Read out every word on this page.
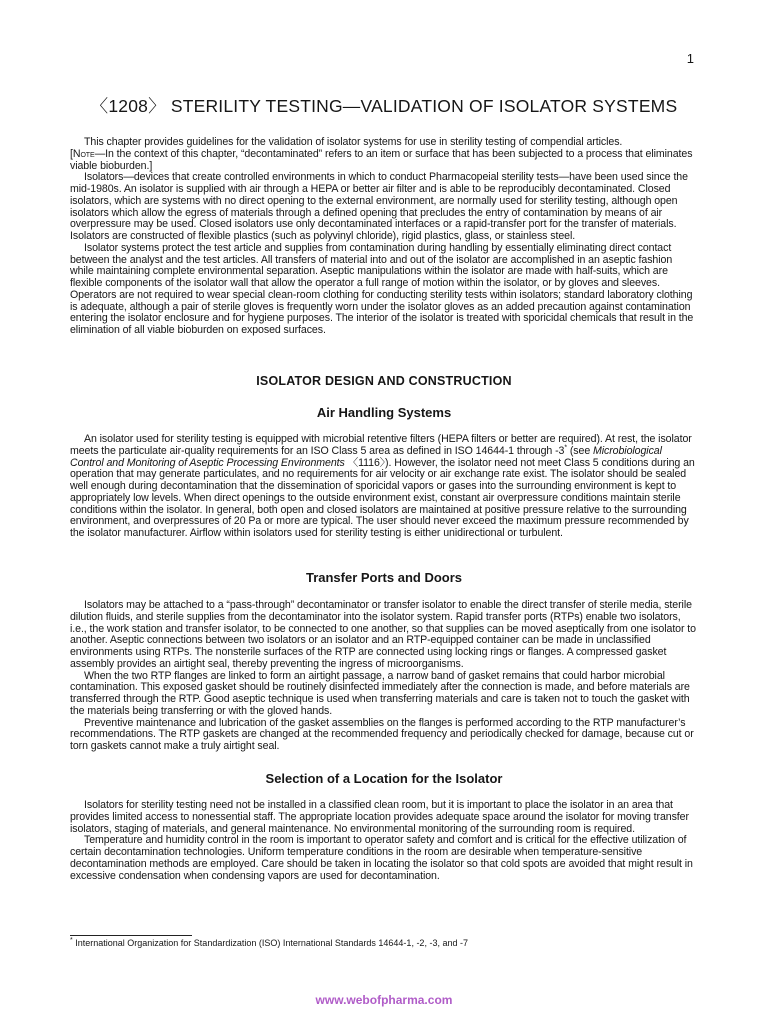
1
〈1208〉 STERILITY TESTING—VALIDATION OF ISOLATOR SYSTEMS

This chapter provides guidelines for the validation of isolator systems for use in sterility testing of compendial articles.

[Note—In the context of this chapter, “decontaminated” refers to an item or surface that has been subjected to a process that eliminates viable bioburden.]

Isolators—devices that create controlled environments in which to conduct Pharmacopeial sterility tests—have been used since the mid-1980s. An isolator is supplied with air through a HEPA or better air filter and is able to be reproducibly decontaminated. Closed isolators, which are systems with no direct opening to the external environment, are normally used for sterility testing, although open isolators which allow the egress of materials through a defined opening that precludes the entry of contamination by means of air overpressure may be used. Closed isolators use only decontaminated interfaces or a rapid-transfer port for the transfer of materials. Isolators are constructed of flexible plastics (such as polyvinyl chloride), rigid plastics, glass, or stainless steel.

Isolator systems protect the test article and supplies from contamination during handling by essentially eliminating direct contact between the analyst and the test articles. All transfers of material into and out of the isolator are accomplished in an aseptic fashion while maintaining complete environmental separation. Aseptic manipulations within the isolator are made with half-suits, which are flexible components of the isolator wall that allow the operator a full range of motion within the isolator, or by gloves and sleeves. Operators are not required to wear special clean-room clothing for conducting sterility tests within isolators; standard laboratory clothing is adequate, although a pair of sterile gloves is frequently worn under the isolator gloves as an added precaution against contamination entering the isolator enclosure and for hygiene purposes. The interior of the isolator is treated with sporicidal chemicals that result in the elimination of all viable bioburden on exposed surfaces.

ISOLATOR DESIGN AND CONSTRUCTION
Air Handling Systems

An isolator used for sterility testing is equipped with microbial retentive filters (HEPA filters or better are required). At rest, the isolator meets the particulate air-quality requirements for an ISO Class 5 area as defined in ISO 14644-1 through -3* (see Microbiological Control and Monitoring of Aseptic Processing Environments 〈1116〉). However, the isolator need not meet Class 5 conditions during an operation that may generate particulates, and no requirements for air velocity or air exchange rate exist. The isolator should be sealed well enough during decontamination that the dissemination of sporicidal vapors or gases into the surrounding environment is kept to appropriately low levels. When direct openings to the outside environment exist, constant air overpressure conditions maintain sterile conditions within the isolator. In general, both open and closed isolators are maintained at positive pressure relative to the surrounding environment, and overpressures of 20 Pa or more are typical. The user should never exceed the maximum pressure recommended by the isolator manufacturer. Airflow within isolators used for sterility testing is either unidirectional or turbulent.

Transfer Ports and Doors

Isolators may be attached to a “pass-through” decontaminator or transfer isolator to enable the direct transfer of sterile media, sterile dilution fluids, and sterile supplies from the decontaminator into the isolator system. Rapid transfer ports (RTPs) enable two isolators, i.e., the work station and transfer isolator, to be connected to one another, so that supplies can be moved aseptically from one isolator to another. Aseptic connections between two isolators or an isolator and an RTP-equipped container can be made in unclassified environments using RTPs. The nonsterile surfaces of the RTP are connected using locking rings or flanges. A compressed gasket assembly provides an airtight seal, thereby preventing the ingress of microorganisms.

When the two RTP flanges are linked to form an airtight passage, a narrow band of gasket remains that could harbor microbial contamination. This exposed gasket should be routinely disinfected immediately after the connection is made, and before materials are transferred through the RTP. Good aseptic technique is used when transferring materials and care is taken not to touch the gasket with the materials being transferring or with the gloved hands.

Preventive maintenance and lubrication of the gasket assemblies on the flanges is performed according to the RTP manufacturer’s recommendations. The RTP gaskets are changed at the recommended frequency and periodically checked for damage, because cut or torn gaskets cannot make a truly airtight seal.

Selection of a Location for the Isolator

Isolators for sterility testing need not be installed in a classified clean room, but it is important to place the isolator in an area that provides limited access to nonessential staff. The appropriate location provides adequate space around the isolator for moving transfer isolators, staging of materials, and general maintenance. No environmental monitoring of the surrounding room is required.

Temperature and humidity control in the room is important to operator safety and comfort and is critical for the effective utilization of certain decontamination technologies. Uniform temperature conditions in the room are desirable when temperature-sensitive decontamination methods are employed. Care should be taken in locating the isolator so that cold spots are avoided that might result in excessive condensation when condensing vapors are used for decontamination.

* International Organization for Standardization (ISO) International Standards 14644-1, -2, -3, and -7
www.webofpharma.com
